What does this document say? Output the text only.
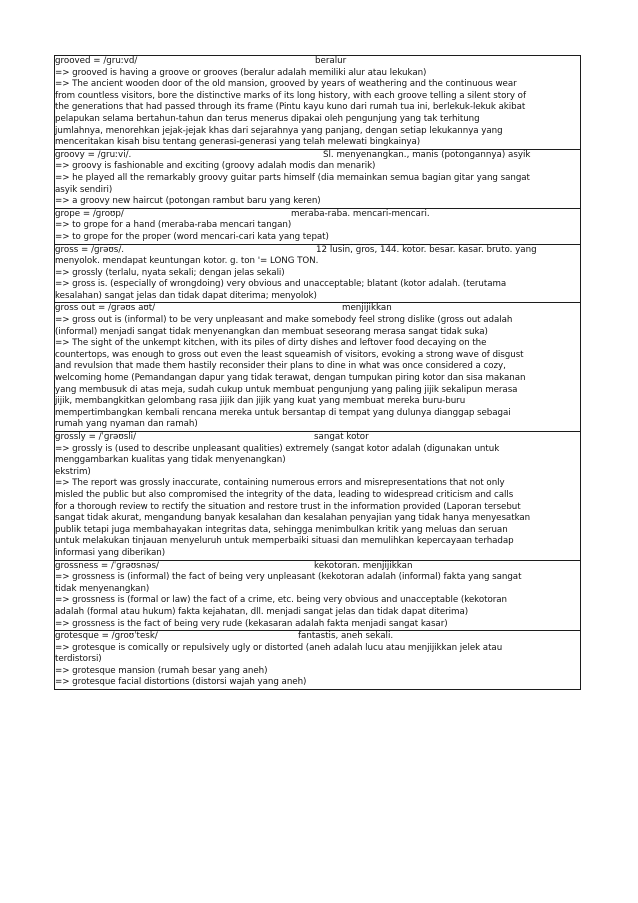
grooved = /ɡruːvd/	beralur
=> grooved is having a groove or grooves (beralur adalah memiliki alur atau lekukan)
=> The ancient wooden door of the old mansion, grooved by years of weathering and the continuous wear
from countless visitors, bore the distinctive marks of its long history, with each groove telling a silent story of
the generations that had passed through its frame (Pintu kayu kuno dari rumah tua ini, berlekuk-lekuk akibat
pelapukan selama bertahun-tahun dan terus menerus dipakai oleh pengunjung yang tak terhitung
jumlahnya, menorehkan jejak-jejak khas dari sejarahnya yang panjang, dengan setiap lekukannya yang
menceritakan kisah bisu tentang generasi-generasi yang telah melewati bingkainya)
groovy = /ɡruːvi/.	Sl. menyenangkan., manis (potongannya) asyik
=> groovy is fashionable and exciting (groovy adalah modis dan menarik)
=> he played all the remarkably groovy guitar parts himself (dia memainkan semua bagian gitar yang sangat
asyik sendiri)
=> a groovy new haircut (potongan rambut baru yang keren)
grope = /ɡroʊp/	meraba-raba. mencari-mencari.
=> to grope for a hand (meraba-raba mencari tangan)
=> to grope for the proper (word mencari-cari kata yang tepat)
gross = /ɡrəʊs/.	12 lusin, gros, 144. kotor. besar. kasar. bruto. yang
menyolok. mendapat keuntungan kotor. g. ton '= LONG TON.
=> grossly (terlalu, nyata sekali; dengan jelas sekali)
=> gross is. (especially of wrongdoing) very obvious and unacceptable; blatant (kotor adalah. (terutama
kesalahan) sangat jelas dan tidak dapat diterima; menyolok)
gross out = /ɡrəʊs aʊt/	menjijikkan
=> gross out is (informal) to be very unpleasant and make somebody feel strong dislike (gross out adalah
(informal) menjadi sangat tidak menyenangkan dan membuat seseorang merasa sangat tidak suka)
=> The sight of the unkempt kitchen, with its piles of dirty dishes and leftover food decaying on the
countertops, was enough to gross out even the least squeamish of visitors, evoking a strong wave of disgust
and revulsion that made them hastily reconsider their plans to dine in what was once considered a cozy,
welcoming home (Pemandangan dapur yang tidak terawat, dengan tumpukan piring kotor dan sisa makanan
yang membusuk di atas meja, sudah cukup untuk membuat pengunjung yang paling jijik sekalipun merasa
jijik, membangkitkan gelombang rasa jijik dan jijik yang kuat yang membuat mereka buru-buru
mempertimbangkan kembali rencana mereka untuk bersantap di tempat yang dulunya dianggap sebagai
rumah yang nyaman dan ramah)
grossly = /ˈɡrəʊsli/	sangat kotor
=> grossly is (used to describe unpleasant qualities) extremely (sangat kotor adalah (digunakan untuk
menggambarkan kualitas yang tidak menyenangkan)
ekstrim)
=> The report was grossly inaccurate, containing numerous errors and misrepresentations that not only
misled the public but also compromised the integrity of the data, leading to widespread criticism and calls
for a thorough review to rectify the situation and restore trust in the information provided (Laporan tersebut
sangat tidak akurat, mengandung banyak kesalahan dan kesalahan penyajian yang tidak hanya menyesatkan
publik tetapi juga membahayakan integritas data, sehingga menimbulkan kritik yang meluas dan seruan
untuk melakukan tinjauan menyeluruh untuk memperbaiki situasi dan memulihkan kepercayaan terhadap
informasi yang diberikan)
grossness = /ˈɡrəʊsnəs/	kekotoran. menjijikkan
=> grossness is (informal) the fact of being very unpleasant (kekotoran adalah (informal) fakta yang sangat
tidak menyenangkan)
=> grossness is (formal or law) the fact of a crime, etc. being very obvious and unacceptable (kekotoran
adalah (formal atau hukum) fakta kejahatan, dll. menjadi sangat jelas dan tidak dapat diterima)
=> grossness is the fact of being very rude (kekasaran adalah fakta menjadi sangat kasar)
grotesque = /ɡroʊˈtesk/	fantastis, aneh sekali.
=> grotesque is comically or repulsively ugly or distorted (aneh adalah lucu atau menjijikkan jelek atau
terdistorsi)
=> grotesque mansion (rumah besar yang aneh)
=> grotesque facial distortions (distorsi wajah yang aneh)
